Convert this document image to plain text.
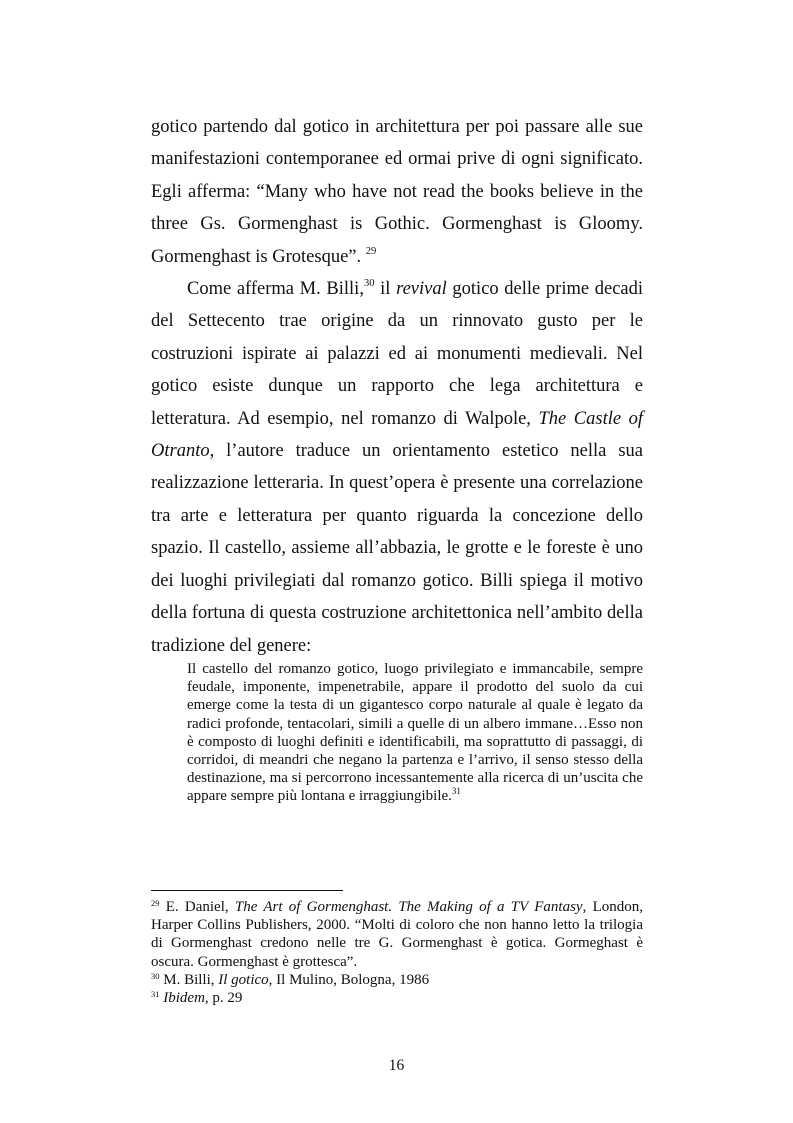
gotico partendo dal gotico in architettura per poi passare alle sue manifestazioni contemporanee ed ormai prive di ogni significato. Egli afferma: “Many who have not read the books believe in the three Gs. Gormenghast is Gothic. Gormenghast is Gloomy. Gormenghast is Grotesque”. $^{29}$

Come afferma M. Billi,$^{30}$ il revival gotico delle prime decadi del Settecento trae origine da un rinnovato gusto per le costruzioni ispirate ai palazzi ed ai monumenti medievali. Nel gotico esiste dunque un rapporto che lega architettura e letteratura. Ad esempio, nel romanzo di Walpole, The Castle of Otranto, l’autore traduce un orientamento estetico nella sua realizzazione letteraria. In quest’opera è presente una correlazione tra arte e letteratura per quanto riguarda la concezione dello spazio. Il castello, assieme all’abbazia, le grotte e le foreste è uno dei luoghi privilegiati dal romanzo gotico. Billi spiega il motivo della fortuna di questa costruzione architettonica nell’ambito della tradizione del genere:

Il castello del romanzo gotico, luogo privilegiato e immancabile, sempre feudale, imponente, impenetrabile, appare il prodotto del suolo da cui emerge come la testa di un gigantesco corpo naturale al quale è legato da radici profonde, tentacolari, simili a quelle di un albero immane…Esso non è composto di luoghi definiti e identificabili, ma soprattutto di passaggi, di corridoi, di meandri che negano la partenza e l’arrivo, il senso stesso della destinazione, ma si percorrono incessantemente alla ricerca di un’uscita che appare sempre più lontana e irraggiungibile.$^{31}$

$^{29}$ E. Daniel, The Art of Gormenghast. The Making of a TV Fantasy, London, Harper Collins Publishers, 2000. “Molti di coloro che non hanno letto la trilogia di Gormenghast credono nelle tre G. Gormenghast è gotica. Gormeghast è oscura. Gormenghast è grottesca”.

$^{30}$ M. Billi, Il gotico, Il Mulino, Bologna, 1986

$^{31}$ Ibidem, p. 29

16
